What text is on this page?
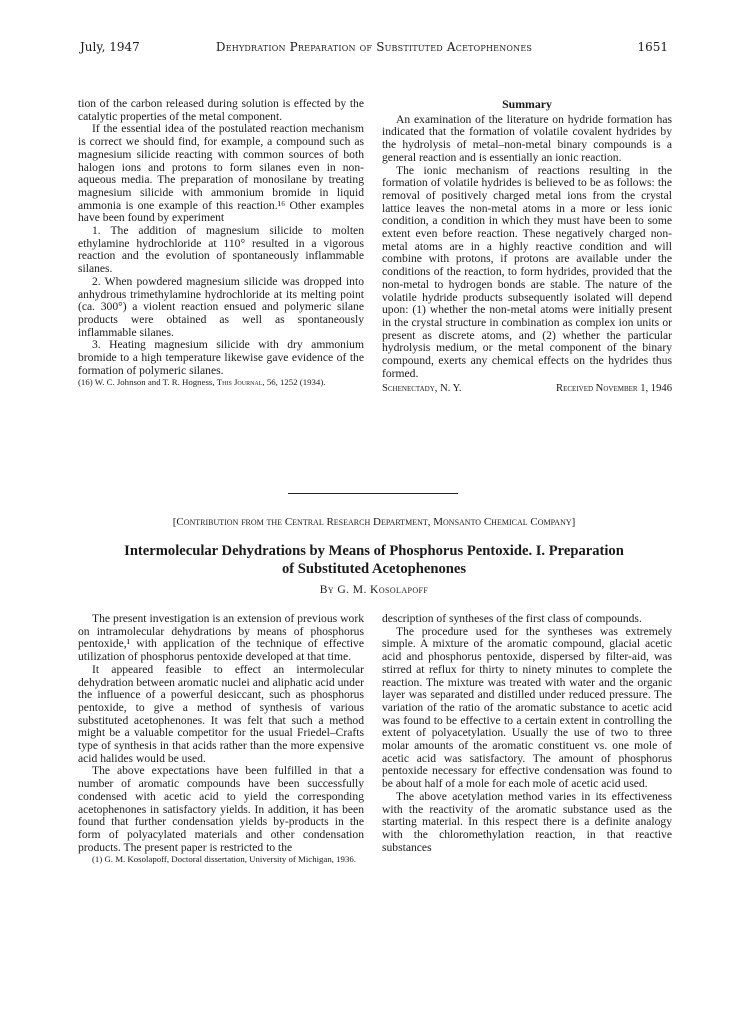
July, 1947	Dehydration Preparation of Substituted Acetophenones	1651

tion of the carbon released during solution is effected by the catalytic properties of the metal component.

If the essential idea of the postulated reaction mechanism is correct we should find, for example, a compound such as magnesium silicide reacting with common sources of both halogen ions and protons to form silanes even in non-aqueous media. The preparation of monosilane by treating magnesium silicide with ammonium bromide in liquid ammonia is one example of this reaction.¹⁶ Other examples have been found by experiment

1. The addition of magnesium silicide to molten ethylamine hydrochloride at 110° resulted in a vigorous reaction and the evolution of spontaneously inflammable silanes.

2. When powdered magnesium silicide was dropped into anhydrous trimethylamine hydrochloride at its melting point (ca. 300°) a violent reaction ensued and polymeric silane products were obtained as well as spontaneously inflammable silanes.

3. Heating magnesium silicide with dry ammonium bromide to a high temperature likewise gave evidence of the formation of polymeric silanes.

(16) W. C. Johnson and T. R. Hogness, This Journal, 56, 1252 (1934).

Summary

An examination of the literature on hydride formation has indicated that the formation of volatile covalent hydrides by the hydrolysis of metal–non-metal binary compounds is a general reaction and is essentially an ionic reaction.

The ionic mechanism of reactions resulting in the formation of volatile hydrides is believed to be as follows: the removal of positively charged metal ions from the crystal lattice leaves the non-metal atoms in a more or less ionic condition, a condition in which they must have been to some extent even before reaction. These negatively charged non-metal atoms are in a highly reactive condition and will combine with protons, if protons are available under the conditions of the reaction, to form hydrides, provided that the non-metal to hydrogen bonds are stable. The nature of the volatile hydride products subsequently isolated will depend upon: (1) whether the non-metal atoms were initially present in the crystal structure in combination as complex ion units or present as discrete atoms, and (2) whether the particular hydrolysis medium, or the metal component of the binary compound, exerts any chemical effects on the hydrides thus formed.

Schenectady, N. Y.	Received November 1, 1946
[Contribution from the Central Research Department, Monsanto Chemical Company]
Intermolecular Dehydrations by Means of Phosphorus Pentoxide. I. Preparation
of Substituted Acetophenones
By G. M. Kosolapoff

The present investigation is an extension of previous work on intramolecular dehydrations by means of phosphorus pentoxide,¹ with application of the technique of effective utilization of phosphorus pentoxide developed at that time.

It appeared feasible to effect an intermolecular dehydration between aromatic nuclei and aliphatic acid under the influence of a powerful desiccant, such as phosphorus pentoxide, to give a method of synthesis of various substituted acetophenones. It was felt that such a method might be a valuable competitor for the usual Friedel–Crafts type of synthesis in that acids rather than the more expensive acid halides would be used.

The above expectations have been fulfilled in that a number of aromatic compounds have been successfully condensed with acetic acid to yield the corresponding acetophenones in satisfactory yields. In addition, it has been found that further condensation yields by-products in the form of polyacylated materials and other condensation products. The present paper is restricted to the

(1) G. M. Kosolapoff, Doctoral dissertation, University of Michigan, 1936.

description of syntheses of the first class of compounds.

The procedure used for the syntheses was extremely simple. A mixture of the aromatic compound, glacial acetic acid and phosphorus pentoxide, dispersed by filter-aid, was stirred at reflux for thirty to ninety minutes to complete the reaction. The mixture was treated with water and the organic layer was separated and distilled under reduced pressure. The variation of the ratio of the aromatic substance to acetic acid was found to be effective to a certain extent in controlling the extent of polyacetylation. Usually the use of two to three molar amounts of the aromatic constituent vs. one mole of acetic acid was satisfactory. The amount of phosphorus pentoxide necessary for effective condensation was found to be about half of a mole for each mole of acetic acid used.

The above acetylation method varies in its effectiveness with the reactivity of the aromatic substance used as the starting material. In this respect there is a definite analogy with the chloromethylation reaction, in that reactive substances
